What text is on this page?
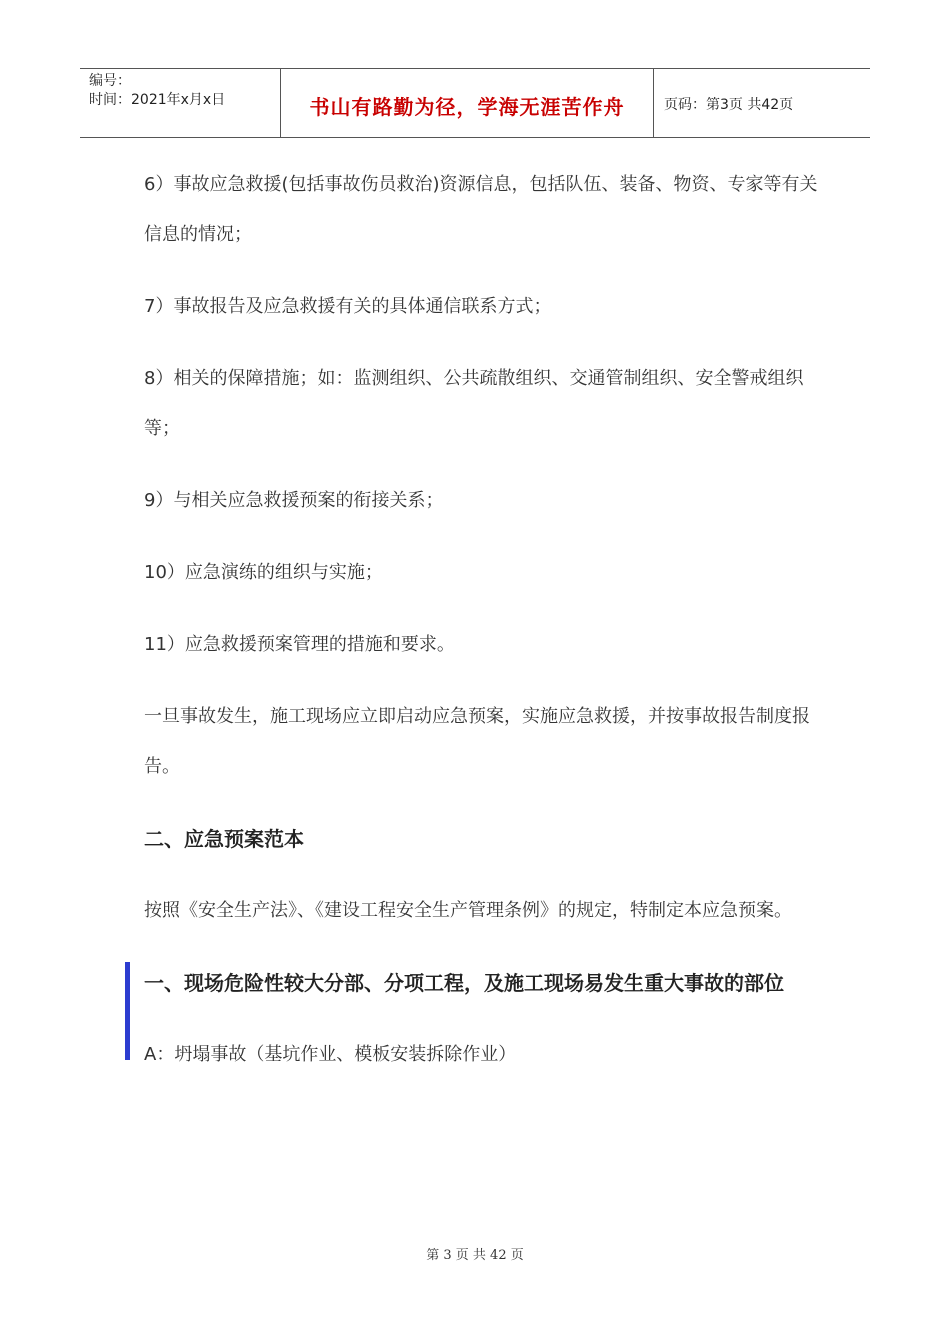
编号：
时间：2021年x月x日	书山有路勤为径，学海无涯苦作舟	页码：第3页 共42页

6）事故应急救援(包括事故伤员救治)资源信息，包括队伍、装备、物资、专家等有关信息的情况；

7）事故报告及应急救援有关的具体通信联系方式；

8）相关的保障措施；如：监测组织、公共疏散组织、交通管制组织、安全警戒组织等；

9）与相关应急救援预案的衔接关系；

10）应急演练的组织与实施；

11）应急救援预案管理的措施和要求。

一旦事故发生，施工现场应立即启动应急预案，实施应急救援，并按事故报告制度报告。

二、应急预案范本

按照《安全生产法》、《建设工程安全生产管理条例》的规定，特制定本应急预案。

一、现场危险性较大分部、分项工程，及施工现场易发生重大事故的部位

A：坍塌事故（基坑作业、模板安装拆除作业）

第 3 页 共 42 页
